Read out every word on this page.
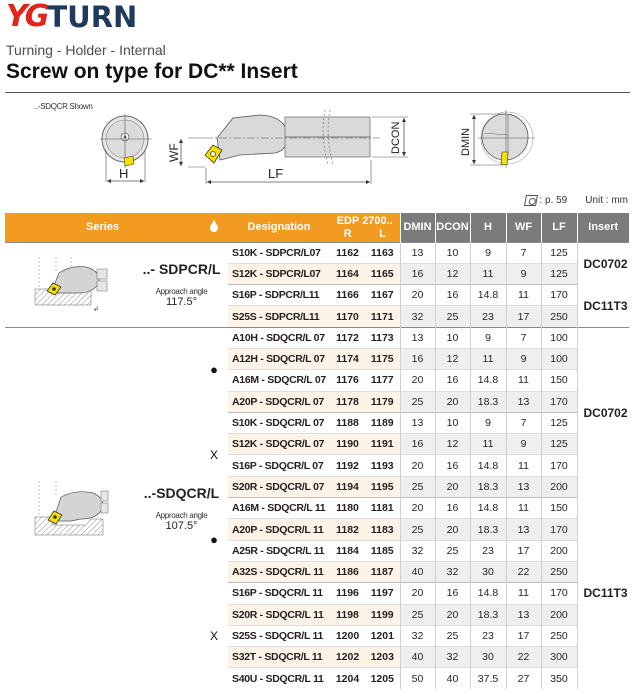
YG TURN
Turning - Holder - Internal
Screw on type for DC** Insert
..-SDQCR Shown
H
WF
LF
DCON	DMIN
: p. 59 Unit : mm
Series			Designation	EDP 2700..
R L		DMIN	DCON	H	WF	LF	Insert

↲	..- SDPCR/L
Approach angle
117.5°		S10K - SDPCR/L07	1162	1163	13	10	9	7	125	DC0702
			S12K - SDPCR/L07	1164	1165	16	12	11	9	125	
			S16P - SDPCR/L11	1166	1167	20	16	14.8	11	170	DC11T3
			S25S - SDPCR/L11	1170	1171	32	25	23	17	250	

..-SDQCR/L
Approach angle
107.5°		A10H - SDQCR/L 07	1172	1173	13	10	9	7	100	DC0702
			A12H - SDQCR/L 07	1174	1175	16	12	11	9	100	
			A16M - SDQCR/L 07	1176	1177	20	16	14.8	11	150	
			A20P - SDQCR/L 07	1178	1179	25	20	18.3	13	170	
			S10K - SDQCR/L 07	1188	1189	13	10	9	7	125	
			S12K - SDQCR/L 07	1190	1191	16	12	11	9	125	
			S16P - SDQCR/L 07	1192	1193	20	16	14.8	11	170	
			S20R - SDQCR/L 07	1194	1195	25	20	18.3	13	200	
			A16M - SDQCR/L 11	1180	1181	20	16	14.8	11	150	DC11T3
			A20P - SDQCR/L 11	1182	1183	25	20	18.3	13	170	
			A25R - SDQCR/L 11	1184	1185	32	25	23	17	200	
			A32S - SDQCR/L 11	1186	1187	40	32	30	22	250	
			S16P - SDQCR/L 11	1196	1197	20	16	14.8	11	170	
			S20R - SDQCR/L 11	1198	1199	25	20	18.3	13	200	
			S25S - SDQCR/L 11	1200	1201	32	25	23	17	250	
			S32T - SDQCR/L 11	1202	1203	40	32	30	22	300	
			S40U - SDQCR/L 11	1204	1205	50	40	37.5	27	350	
●
X
●
X
